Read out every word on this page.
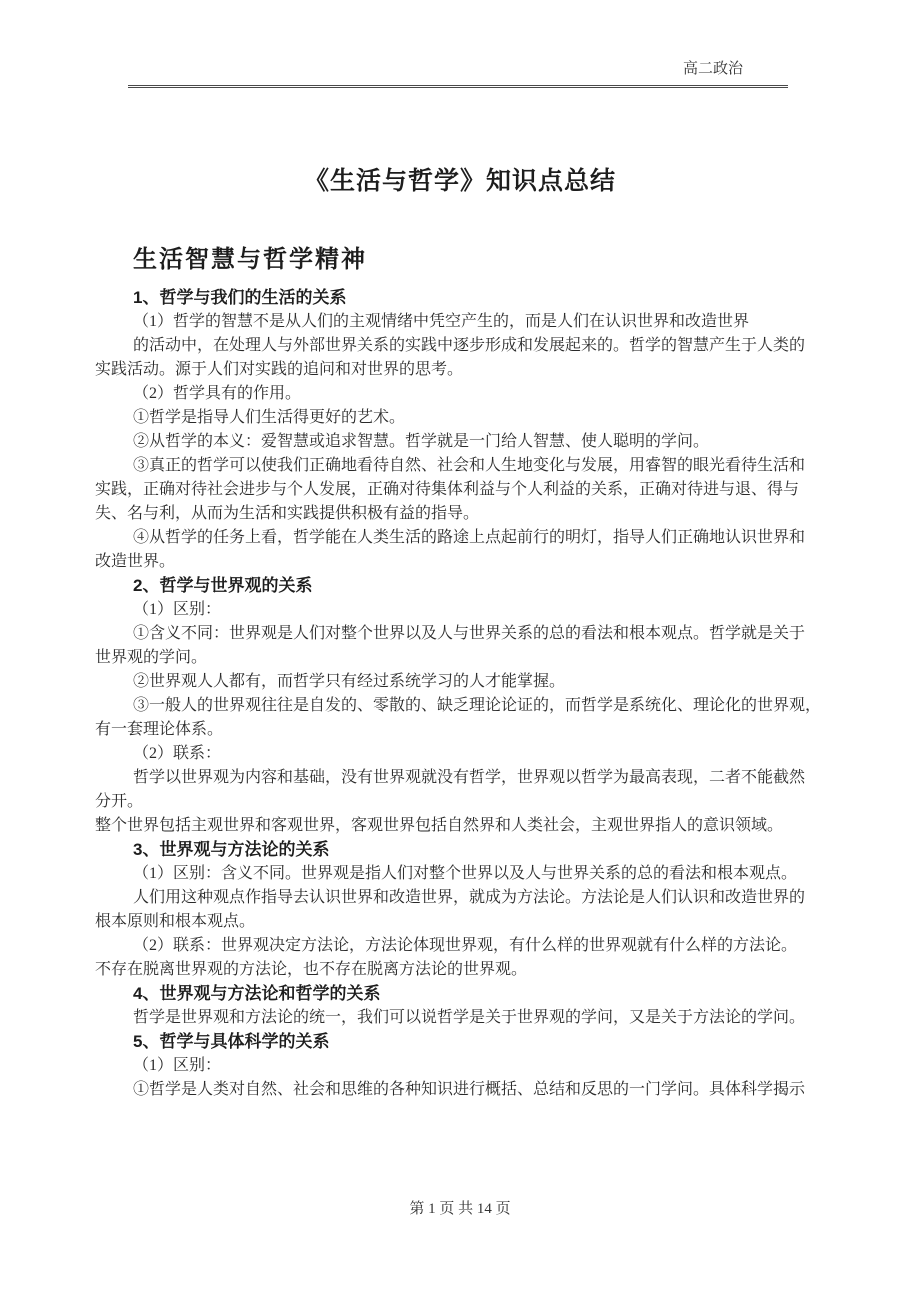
高二政治
《生活与哲学》知识点总结
生活智慧与哲学精神
1、哲学与我们的生活的关系
（1）哲学的智慧不是从人们的主观情绪中凭空产生的，而是人们在认识世界和改造世界
的活动中，在处理人与外部世界关系的实践中逐步形成和发展起来的。哲学的智慧产生于人类的
实践活动。源于人们对实践的追问和对世界的思考。
（2）哲学具有的作用。
①哲学是指导人们生活得更好的艺术。
②从哲学的本义：爱智慧或追求智慧。哲学就是一门给人智慧、使人聪明的学问。
③真正的哲学可以使我们正确地看待自然、社会和人生地变化与发展，用睿智的眼光看待生活和
实践，正确对待社会进步与个人发展，正确对待集体利益与个人利益的关系，正确对待进与退、得与
失、名与利，从而为生活和实践提供积极有益的指导。
④从哲学的任务上看，哲学能在人类生活的路途上点起前行的明灯，指导人们正确地认识世界和
改造世界。
2、哲学与世界观的关系
（1）区别：
①含义不同：世界观是人们对整个世界以及人与世界关系的总的看法和根本观点。哲学就是关于
世界观的学问。
②世界观人人都有，而哲学只有经过系统学习的人才能掌握。
③一般人的世界观往往是自发的、零散的、缺乏理论论证的，而哲学是系统化、理论化的世界观，
有一套理论体系。
（2）联系：
哲学以世界观为内容和基础，没有世界观就没有哲学，世界观以哲学为最高表现，二者不能截然
分开。
整个世界包括主观世界和客观世界，客观世界包括自然界和人类社会，主观世界指人的意识领域。
3、世界观与方法论的关系
（1）区别：含义不同。世界观是指人们对整个世界以及人与世界关系的总的看法和根本观点。
人们用这种观点作指导去认识世界和改造世界，就成为方法论。方法论是人们认识和改造世界的
根本原则和根本观点。
（2）联系：世界观决定方法论，方法论体现世界观，有什么样的世界观就有什么样的方法论。
不存在脱离世界观的方法论，也不存在脱离方法论的世界观。
4、世界观与方法论和哲学的关系
哲学是世界观和方法论的统一，我们可以说哲学是关于世界观的学问，又是关于方法论的学问。
5、哲学与具体科学的关系
（1）区别：
①哲学是人类对自然、社会和思维的各种知识进行概括、总结和反思的一门学问。具体科学揭示
第 1 页 共 14 页
